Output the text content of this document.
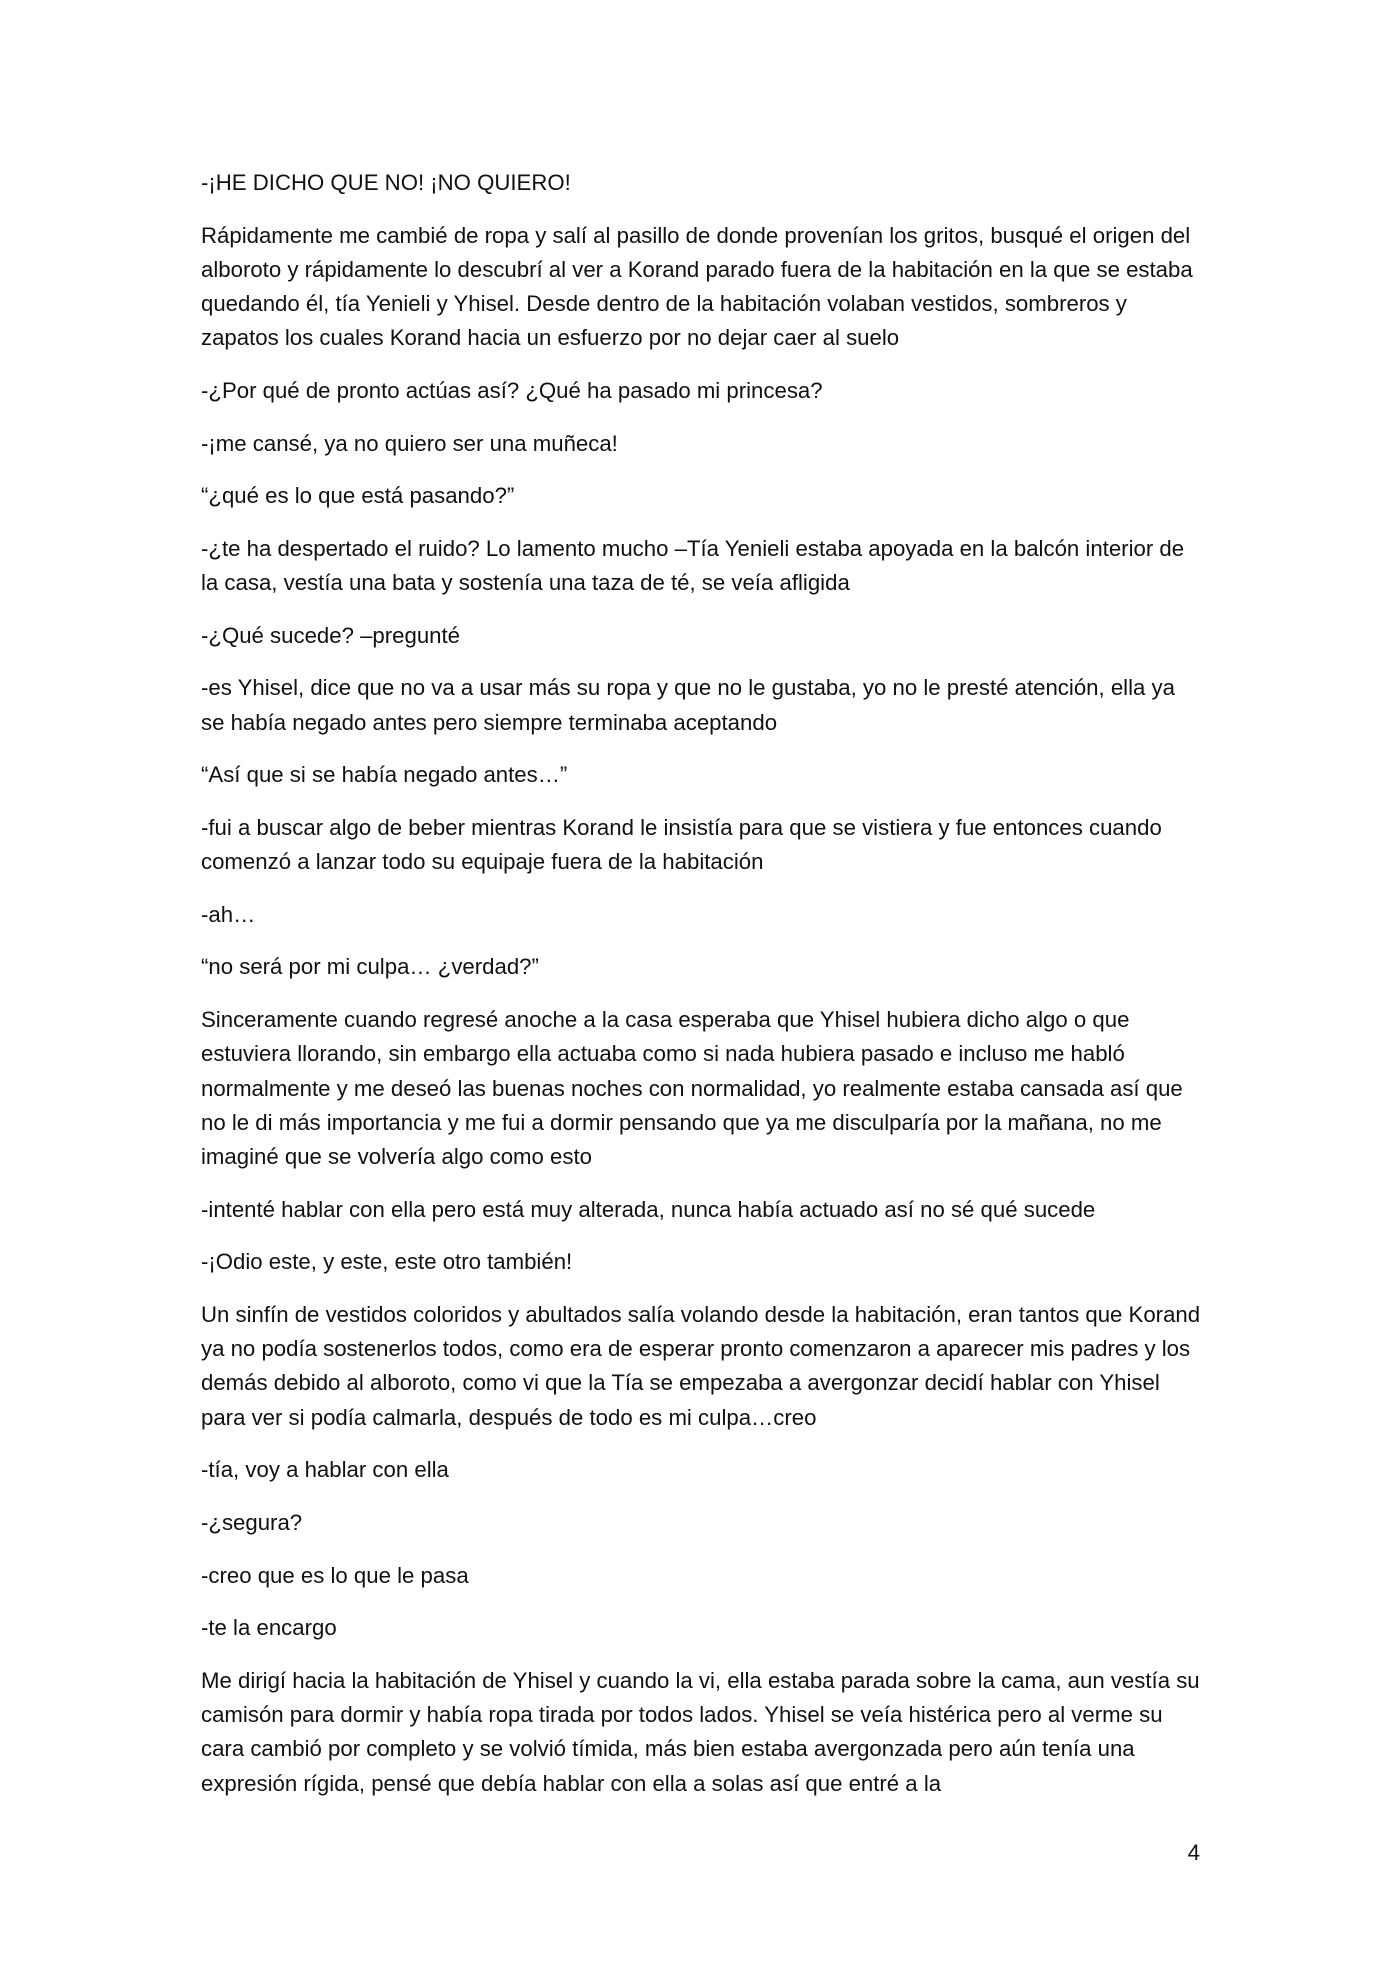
-¡HE DICHO QUE NO! ¡NO QUIERO!

Rápidamente me cambié de ropa y salí al pasillo de donde provenían los gritos, busqué el origen del alboroto y rápidamente lo descubrí al ver a Korand parado fuera de la habitación en la que se estaba quedando él, tía Yenieli y Yhisel. Desde dentro de la habitación volaban vestidos, sombreros y zapatos los cuales Korand hacia un esfuerzo por no dejar caer al suelo

-¿Por qué de pronto actúas así? ¿Qué ha pasado mi princesa?

-¡me cansé, ya no quiero ser una muñeca!

“¿qué es lo que está pasando?”

-¿te ha despertado el ruido? Lo lamento mucho –Tía Yenieli estaba apoyada en la balcón interior de la casa, vestía una bata y sostenía una taza de té, se veía afligida

-¿Qué sucede? –pregunté

-es Yhisel, dice que no va a usar más su ropa y que no le gustaba, yo no le presté atención, ella ya se había negado antes pero siempre terminaba aceptando

“Así que si se había negado antes…”

-fui a buscar algo de beber mientras Korand le insistía para que se vistiera y fue entonces cuando comenzó a lanzar todo su equipaje fuera de la habitación

-ah…

“no será por mi culpa… ¿verdad?”

Sinceramente cuando regresé anoche a la casa esperaba que Yhisel hubiera dicho algo o que estuviera llorando, sin embargo ella actuaba como si nada hubiera pasado e incluso me habló normalmente y me deseó las buenas noches con normalidad, yo realmente estaba cansada así que no le di más importancia y me fui a dormir pensando que ya me disculparía por la mañana, no me imaginé que se volvería algo como esto

-intenté hablar con ella pero está muy alterada, nunca había actuado así no sé qué sucede

-¡Odio este, y este, este otro también!

Un sinfín de vestidos coloridos y abultados salía volando desde la habitación, eran tantos que Korand ya no podía sostenerlos todos, como era de esperar pronto comenzaron a aparecer mis padres y los demás debido al alboroto, como vi que la Tía se empezaba a avergonzar decidí hablar con Yhisel para ver si podía calmarla, después de todo es mi culpa…creo

-tía, voy a hablar con ella

-¿segura?

-creo que es lo que le pasa

-te la encargo

Me dirigí hacia la habitación de Yhisel y cuando la vi, ella estaba parada sobre la cama, aun vestía su camisón para dormir y había ropa tirada por todos lados. Yhisel se veía histérica pero al verme su cara cambió por completo y se volvió tímida, más bien estaba avergonzada pero aún tenía una expresión rígida, pensé que debía hablar con ella a solas así que entré a la

4
